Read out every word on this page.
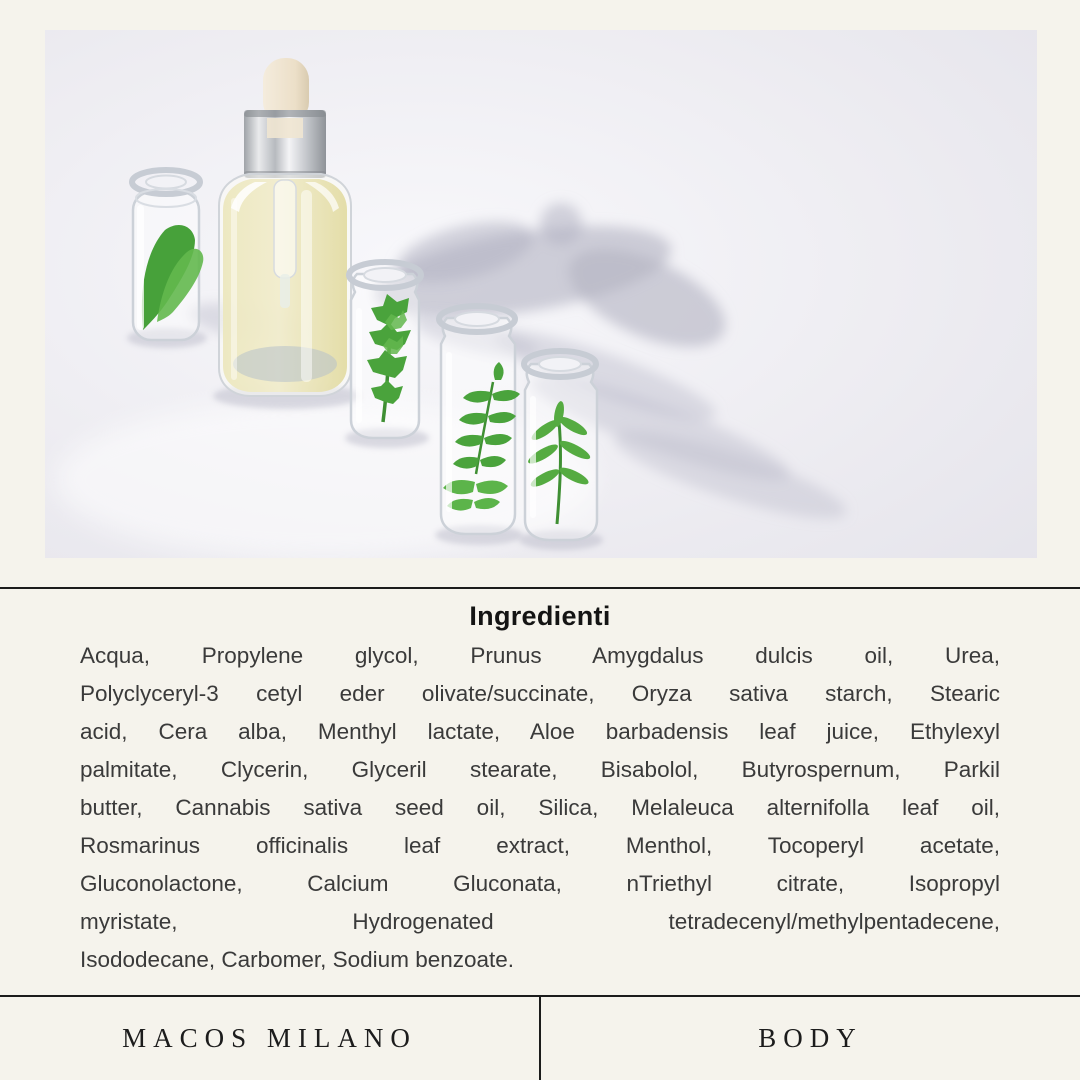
Ingredienti
Acqua, Propylene glycol, Prunus Amygdalus dulcis oil, Urea,
Polyclyceryl-3 cetyl eder olivate/succinate, Oryza sativa starch, Stearic
acid, Cera alba, Menthyl lactate, Aloe barbadensis leaf juice, Ethylexyl
palmitate, Clycerin, Glyceril stearate, Bisabolol, Butyrospernum, Parkil
butter, Cannabis sativa seed oil, Silica, Melaleuca alternifolla leaf oil,
Rosmarinus officinalis leaf extract, Menthol, Tocoperyl acetate,
Gluconolactone, Calcium Gluconata, nTriethyl citrate, Isopropyl
myristate, Hydrogenated tetradecenyl/methylpentadecene,
Isododecane, Carbomer, Sodium benzoate.
MACOS MILANO	BODY
